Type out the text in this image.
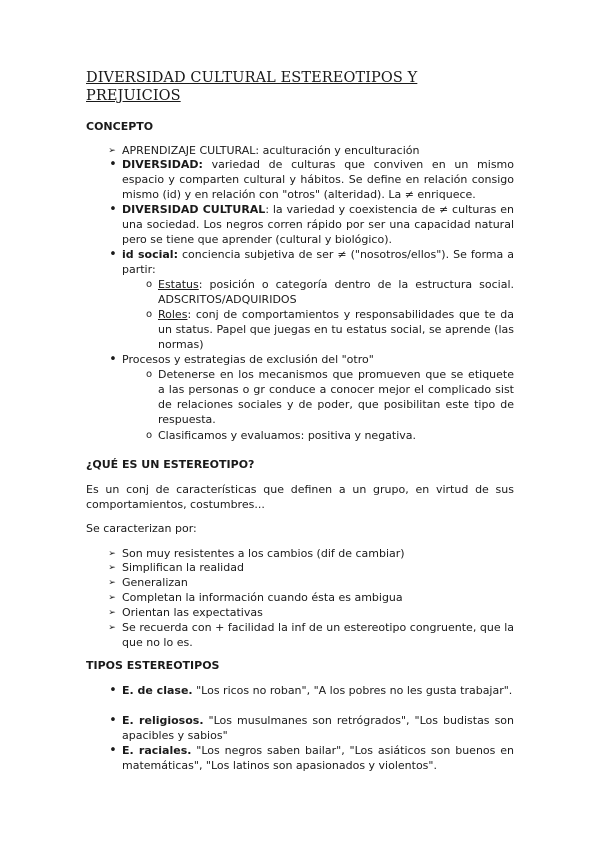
DIVERSIDAD CULTURAL ESTEREOTIPOS Y PREJUICIOS
CONCEPTO
➢ APRENDIZAJE CULTURAL: aculturación y enculturación
• DIVERSIDAD: variedad de culturas que conviven en un mismo espacio y comparten cultural y hábitos. Se define en relación consigo mismo (id) y en relación con "otros" (alteridad). La ≠ enriquece.
• DIVERSIDAD CULTURAL: la variedad y coexistencia de ≠ culturas en una sociedad. Los negros corren rápido por ser una capacidad natural pero se tiene que aprender (cultural y biológico).
• id social: conciencia subjetiva de ser ≠ ("nosotros/ellos"). Se forma a partir:
o Estatus: posición o categoría dentro de la estructura social. ADSCRITOS/ADQUIRIDOS
o Roles: conj de comportamientos y responsabilidades que te da un status. Papel que juegas en tu estatus social, se aprende (las normas)
• Procesos y estrategias de exclusión del "otro"
o Detenerse en los mecanismos que promueven que se etiquete a las personas o gr conduce a conocer mejor el complicado sist de relaciones sociales y de poder, que posibilitan este tipo de respuesta.
o Clasificamos y evaluamos: positiva y negativa.
¿QUÉ ES UN ESTEREOTIPO?
Es un conj de características que definen a un grupo, en virtud de sus comportamientos, costumbres...
Se caracterizan por:
➢ Son muy resistentes a los cambios (dif de cambiar)
➢ Simplifican la realidad
➢ Generalizan
➢ Completan la información cuando ésta es ambigua
➢ Orientan las expectativas
➢ Se recuerda con + facilidad la inf de un estereotipo congruente, que la que no lo es.
TIPOS ESTEREOTIPOS
• E. de clase. "Los ricos no roban", "A los pobres no les gusta trabajar".
• E. religiosos. "Los musulmanes son retrógrados", "Los budistas son apacibles y sabios"
• E. raciales. "Los negros saben bailar", "Los asiáticos son buenos en matemáticas", "Los latinos son apasionados y violentos".
